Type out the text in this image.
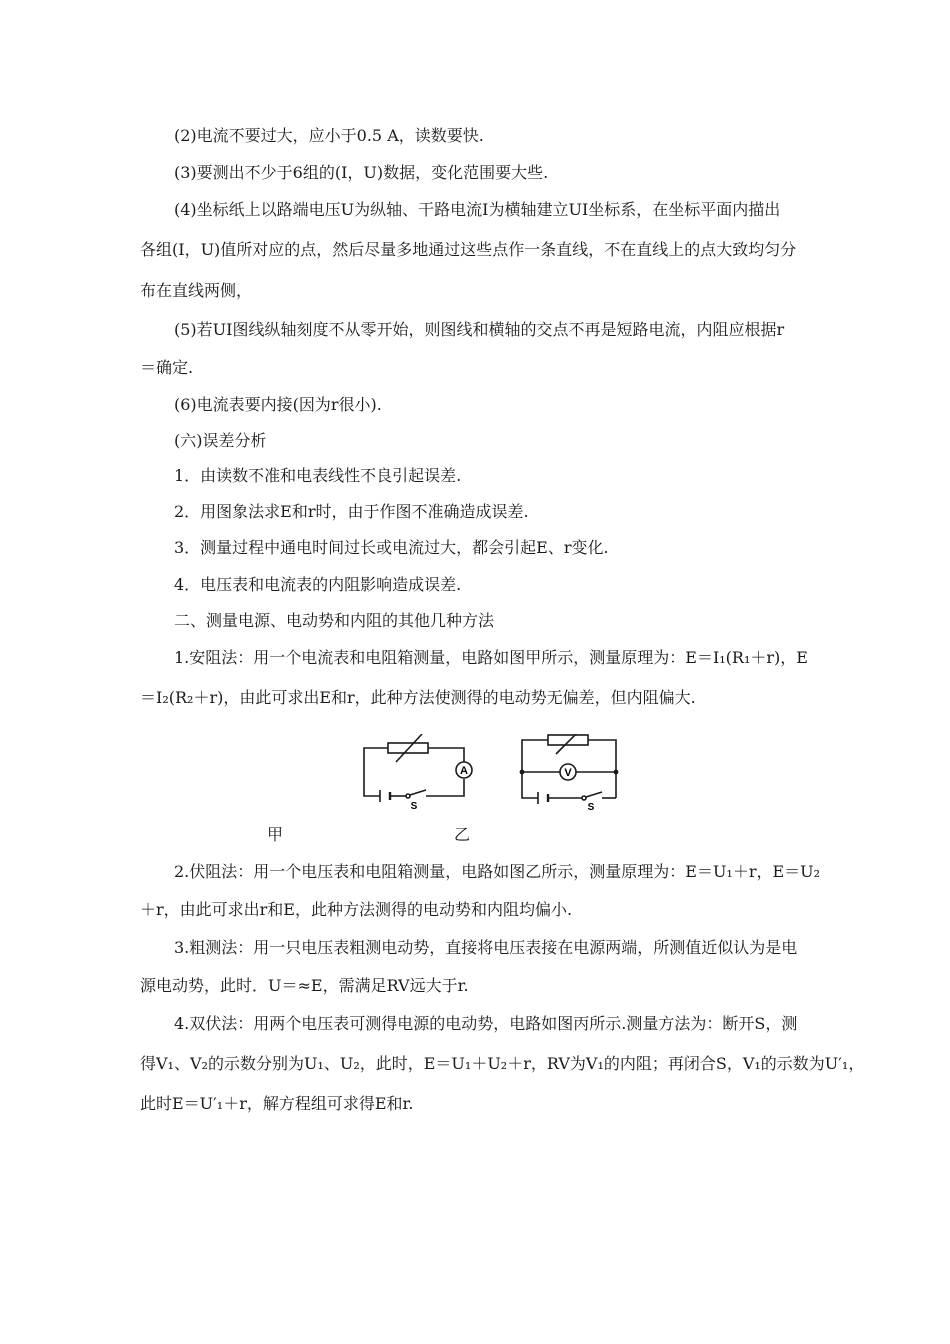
(2)电流不要过大，应小于0.5 A，读数要快.
(3)要测出不少于6组的(I，U)数据，变化范围要大些.
(4)坐标纸上以路端电压U为纵轴、干路电流I为横轴建立UI坐标系，在坐标平面内描出
各组(I，U)值所对应的点，然后尽量多地通过这些点作一条直线，不在直线上的点大致均匀分
布在直线两侧，
(5)若UI图线纵轴刻度不从零开始，则图线和横轴的交点不再是短路电流，内阻应根据r
＝确定.
(6)电流表要内接(因为r很小).
(六)误差分析
1．由读数不准和电表线性不良引起误差.
2．用图象法求E和r时，由于作图不准确造成误差.
3．测量过程中通电时间过长或电流过大，都会引起E、r变化.
4．电压表和电流表的内阻影响造成误差.
二、测量电源、电动势和内阻的其他几种方法
1.安阻法：用一个电流表和电阻箱测量，电路如图甲所示，测量原理为：E＝I₁(R₁＋r)，E
＝I₂(R₂＋r)，由此可求出E和r，此种方法使测得的电动势无偏差，但内阻偏大.
A
S
V
S
甲	乙
2.伏阻法：用一个电压表和电阻箱测量，电路如图乙所示，测量原理为：E＝U₁＋r，E＝U₂
＋r，由此可求出r和E，此种方法测得的电动势和内阻均偏小.
3.粗测法：用一只电压表粗测电动势，直接将电压表接在电源两端，所测值近似认为是电
源电动势，此时．U＝≈E，需满足RV远大于r.
4.双伏法：用两个电压表可测得电源的电动势，电路如图丙所示.测量方法为：断开S，测
得V₁、V₂的示数分别为U₁、U₂，此时，E＝U₁＋U₂＋r，RV为V₁的内阻；再闭合S，V₁的示数为U′₁，
此时E＝U′₁＋r，解方程组可求得E和r.
